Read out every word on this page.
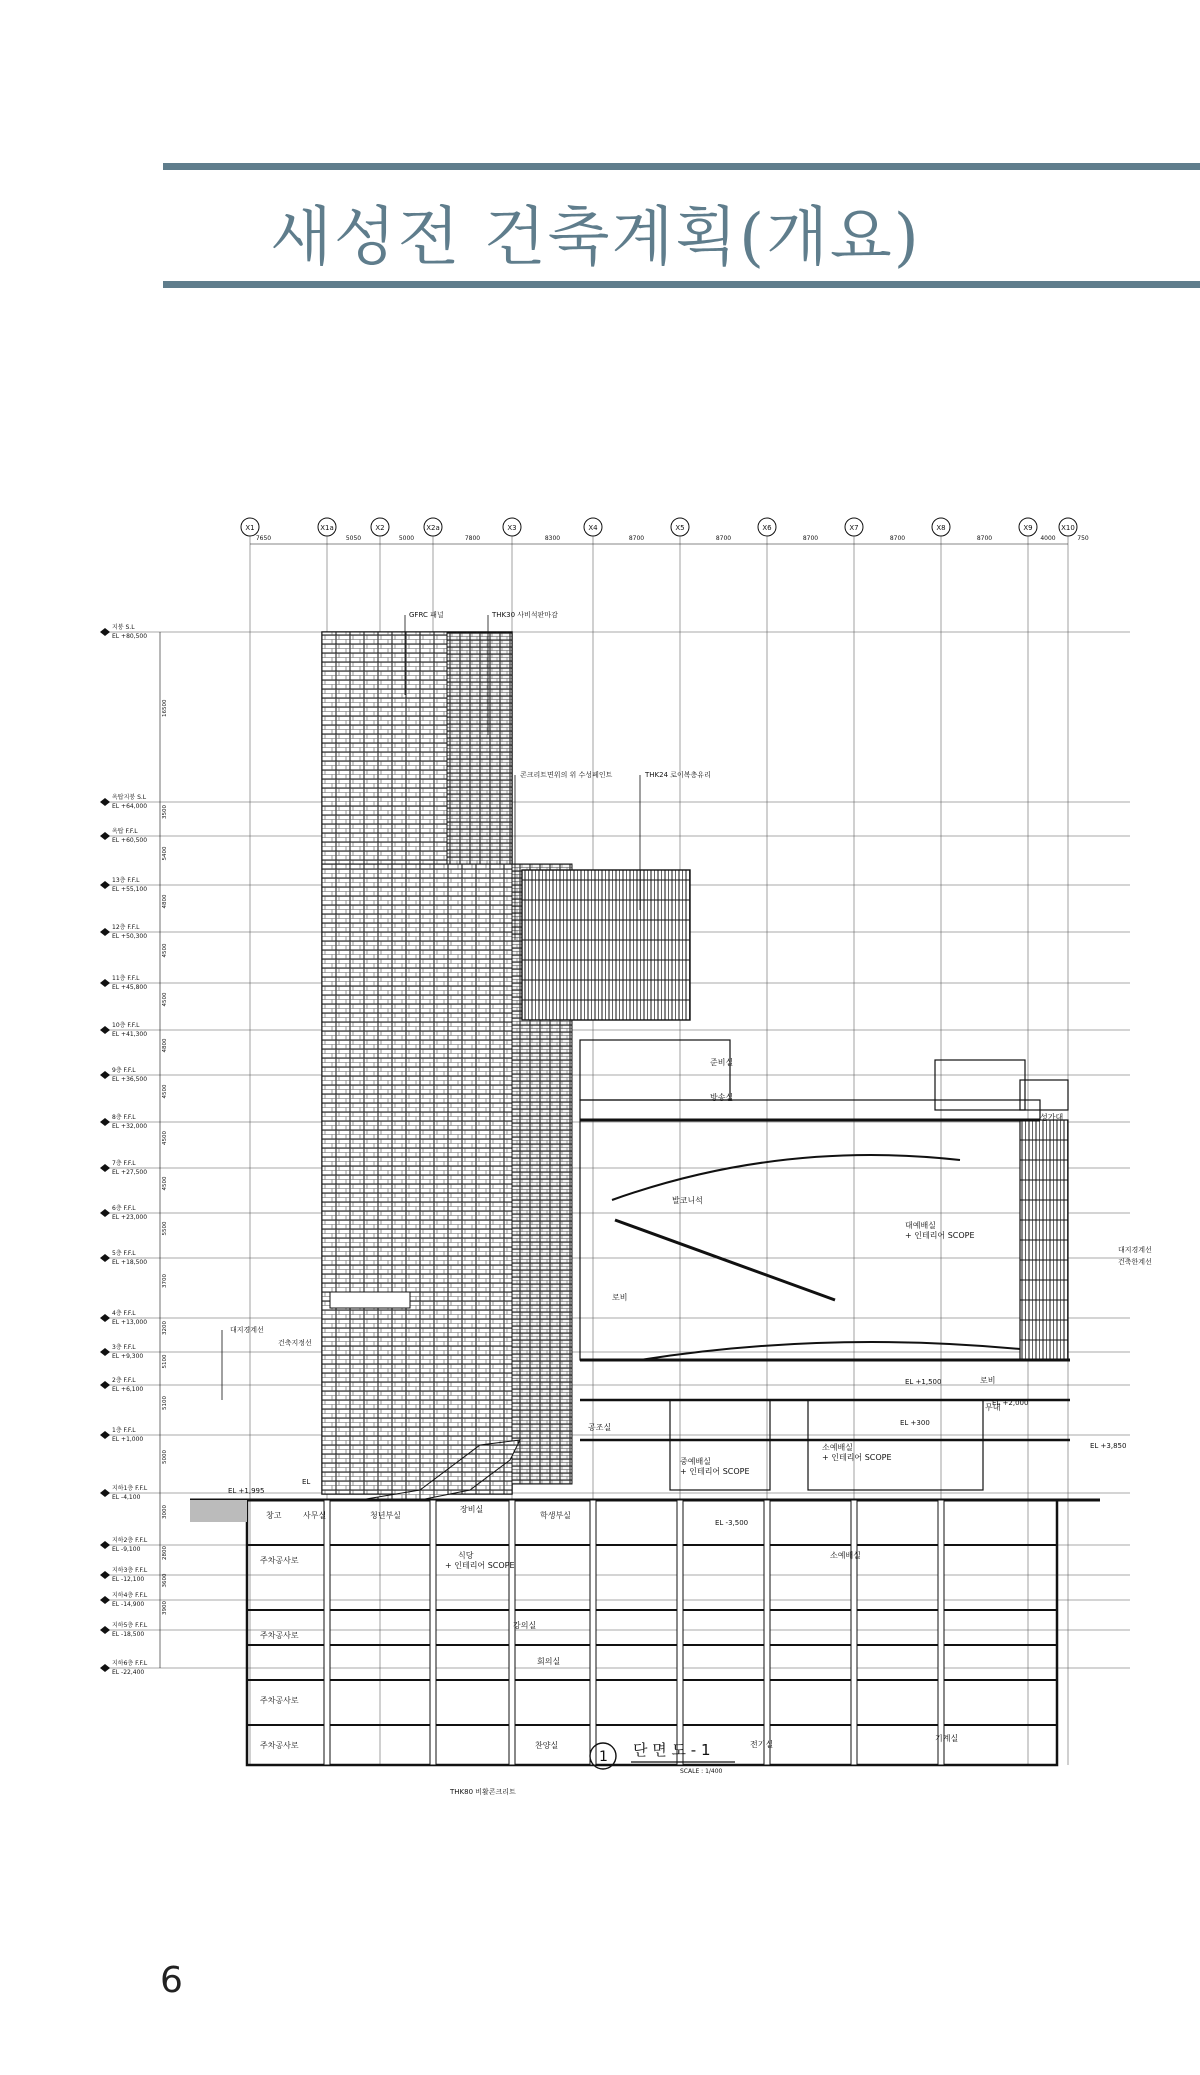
새성전 건축계획(개요)
X1	X1a	X2	X2a	X3	X4	X5	X6	X7	X8	X9	X10
7650	5050	5000	7800	8300	8700	8700	8700	8700	8700	4000	750
지붕 S.L
EL +80,500
옥탑지붕 S.L
EL +64,000
옥탑 F.F.L
EL +60,500
13층 F.F.L
EL +55,100
12층 F.F.L
EL +50,300
11층 F.F.L
EL +45,800
10층 F.F.L
EL +41,300
9층 F.F.L
EL +36,500
8층 F.F.L
EL +32,000
7층 F.F.L
EL +27,500
6층 F.F.L
EL +23,000
5층 F.F.L
EL +18,500
4층 F.F.L
EL +13,000
3층 F.F.L
EL +9,300
2층 F.F.L
EL +6,100
1층 F.F.L
EL +1,000
지하1층 F.F.L
EL -4,100
지하2층 F.F.L
EL -9,100
지하3층 F.F.L
EL -12,100
지하4층 F.F.L
EL -14,900
지하5층 F.F.L
EL -18,500
지하6층 F.F.L
EL -22,400
16500
3500
5400
4800
4500
4500
4800
4500
4500
4500
5500
3700
3200
5100
5100
5000
3000
2800
3600
3900
대예배실
+ 인테리어 SCOPE
발코니석
중예배실
+ 인테리어 SCOPE
소예배실
+ 인테리어 SCOPE
로비
로비
소예배실
식당
+ 인테리어 SCOPE
주차공사로
주차공사로
주차공사로
주차공사로
기계실
전기실
창고	사무실	학생부실
청년부실
장비실
찬양실
준비실
방송실
무대
공조실
성가대
강의실
회의실
GFRC 패널	THK30 사비석판마감
콘크리트면위의 위 수성페인트	THK24 로이복층유리
대지경계선
건축지정선
대지경계선
건축한계선
THK80 비활콘크리트
EL +1,995
EL -3,500
EL +1,500
EL +2,000
EL +300
EL +3,850
EL
1 단 면 도 - 1
SCALE : 1/400
6
